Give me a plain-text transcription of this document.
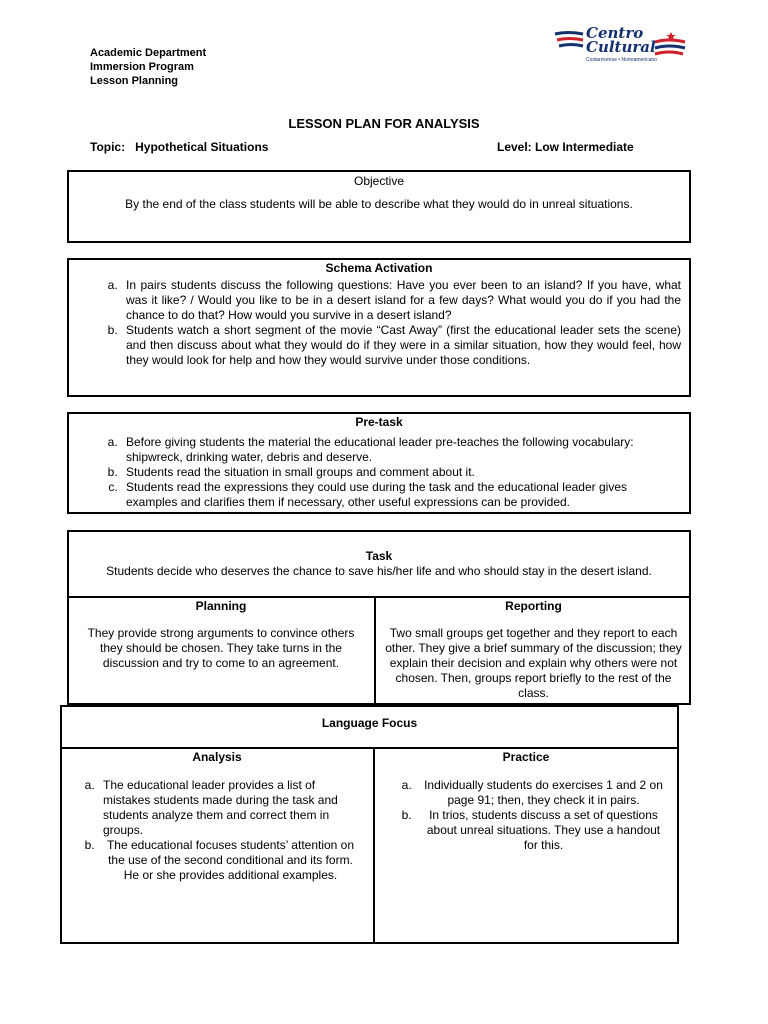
Academic Department
Immersion Program
Lesson Planning
Centro
Cultural
Costarricense • Norteamericano
LESSON PLAN FOR ANALYSIS
Topic: Hypothetical Situations	Level: Low Intermediate
Objective
By the end of the class students will be able to describe what they would do in unreal situations.
Schema Activation
a. In pairs students discuss the following questions: Have you ever been to an island? If you have, what was it like? / Would you like to be in a desert island for a few days? What would you do if you had the chance to do that? How would you survive in a desert island?
b. Students watch a short segment of the movie “Cast Away” (first the educational leader sets the scene) and then discuss about what they would do if they were in a similar situation, how they would feel, how they would look for help and how they would survive under those conditions.
Pre-task
a. Before giving students the material the educational leader pre-teaches the following vocabulary: shipwreck, drinking water, debris and deserve.
b. Students read the situation in small groups and comment about it.
c. Students read the expressions they could use during the task and the educational leader gives examples and clarifies them if necessary, other useful expressions can be provided.
Task
Students decide who deserves the chance to save his/her life and who should stay in the desert island.
Planning
They provide strong arguments to convince others they should be chosen. They take turns in the discussion and try to come to an agreement.
Reporting
Two small groups get together and they report to each other. They give a brief summary of the discussion; they explain their decision and explain why others were not chosen. Then, groups report briefly to the rest of the class.
Language Focus
Analysis
a. The educational leader provides a list of mistakes students made during the task and students analyze them and correct them in groups.
b. The educational focuses students’ attention on the use of the second conditional and its form. He or she provides additional examples.
Practice
a. Individually students do exercises 1 and 2 on page 91; then, they check it in pairs.
b. In trios, students discuss a set of questions about unreal situations. They use a handout for this.
